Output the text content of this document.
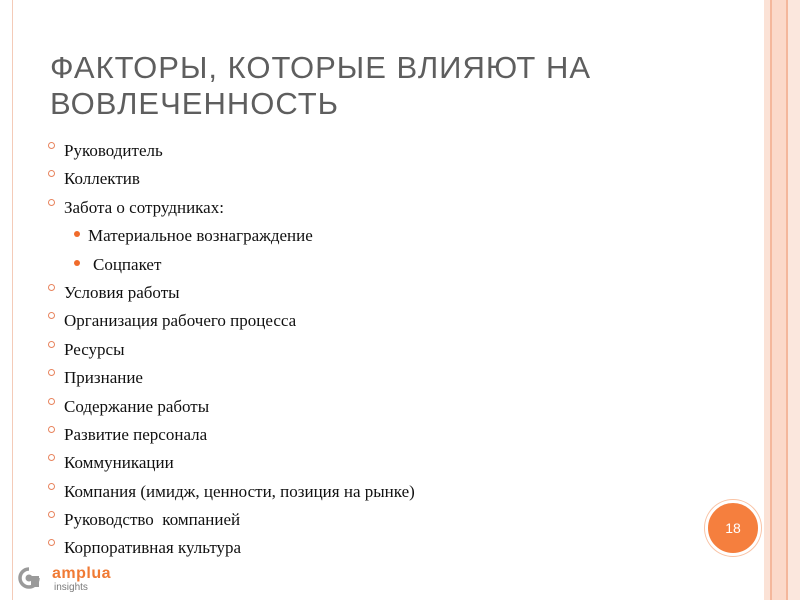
ФАКТОРЫ, КОТОРЫЕ ВЛИЯЮТ НА ВОВЛЕЧЕННОСТЬ
Руководитель
Коллектив
Забота о сотрудниках:
Материальное вознаграждение
Соцпакет
Условия работы
Организация рабочего процесса
Ресурсы
Признание
Содержание работы
Развитие персонала
Коммуникации
Компания (имидж, ценности, позиция на рынке)
Руководство  компанией
Корпоративная культура
18
amplua
insights
